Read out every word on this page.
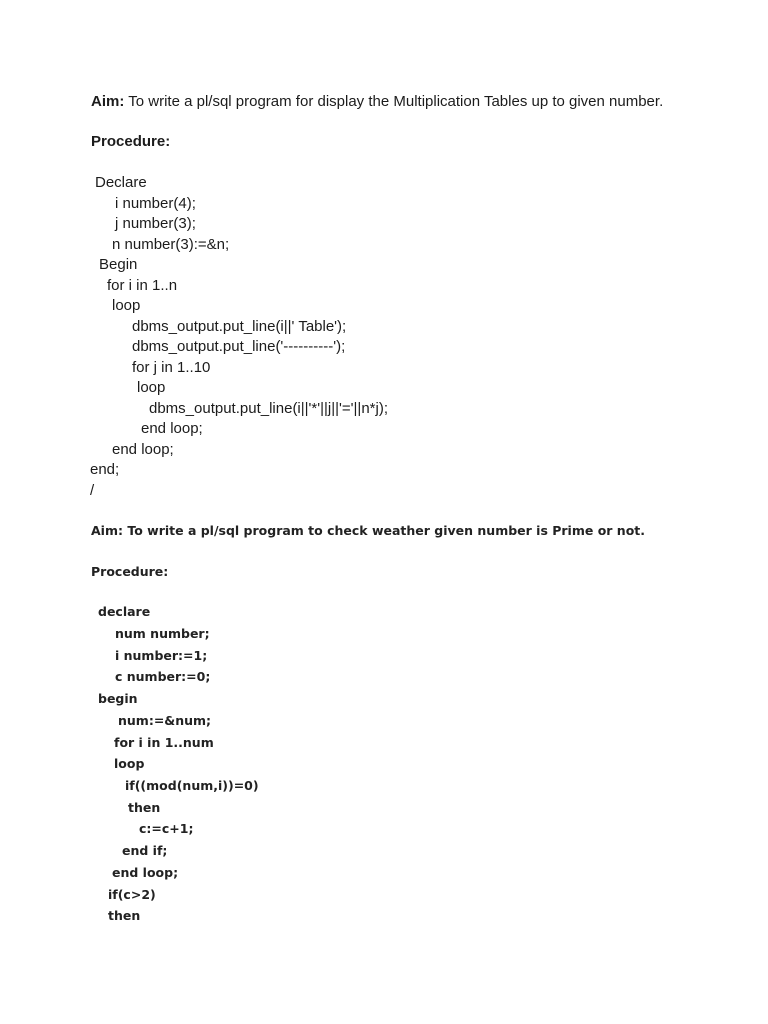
Aim: To write a pl/sql program for display the Multiplication Tables up to given number.
Procedure:
Declare
i number(4);
j number(3);
n number(3):=&n;
Begin
for i in 1..n
loop
dbms_output.put_line(i||' Table');
dbms_output.put_line('----------');
for j in 1..10
loop
dbms_output.put_line(i||'*'||j||'='||n*j);
end loop;
end loop;
end;
/
Aim: To write a pl/sql program to check weather given number is Prime or not.
Procedure:
declare
num number;
i number:=1;
c number:=0;
begin
num:=&num;
for i in 1..num
loop
if((mod(num,i))=0)
then
c:=c+1;
end if;
end loop;
if(c>2)
then
